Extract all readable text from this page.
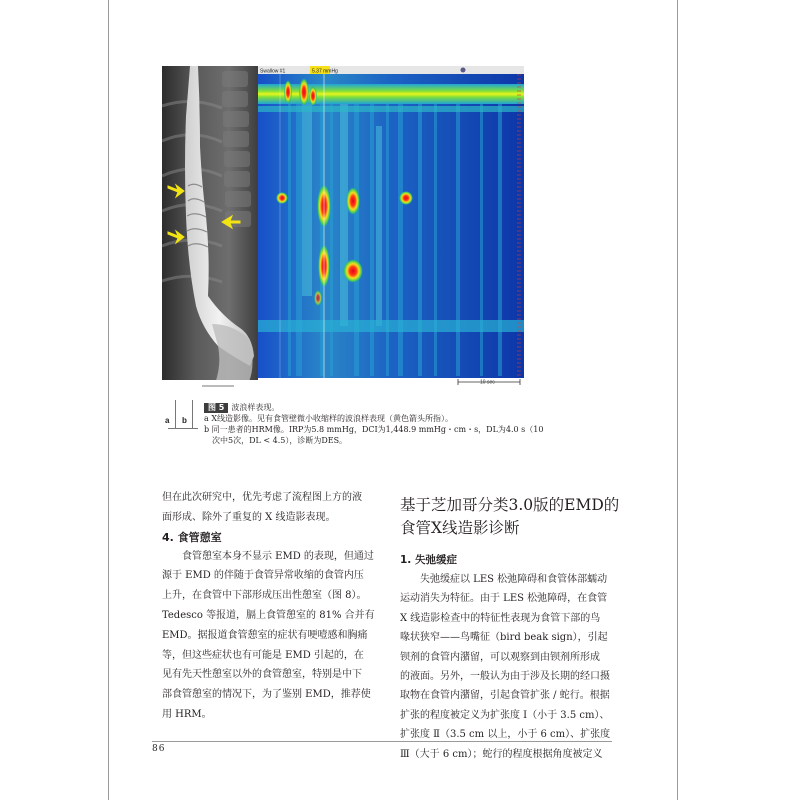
Swallow #1	5.37 mmHg
10 sec
a b
图 5 波浪样表现。
a X线造影像。见有食管壁微小收缩样的波浪样表现（黄色箭头所指）。
b 同一患者的HRM像。IRP为5.8 mmHg，DCI为1,448.9 mmHg・cm・s，DL为4.0 s（10
次中5次，DL < 4.5），诊断为DES。

但在此次研究中，优先考虑了流程图上方的液

面形成、除外了重复的 X 线造影表现。

4. 食管憩室

　　食管憩室本身不显示 EMD 的表现，但通过

源于 EMD 的伴随于食管异常收缩的食管内压

上升，在食管中下部形成压出性憩室（图 8）。

Tedesco 等报道，膈上食管憩室的 81% 合并有

EMD。据报道食管憩室的症状有哽噎感和胸痛

等，但这些症状也有可能是 EMD 引起的，在

见有先天性憩室以外的食管憩室，特别是中下

部食管憩室的情况下，为了鉴别 EMD，推荐使

用 HRM。

基于芝加哥分类3.0版的EMD的
食管X线造影诊断
1. 失弛缓症

　　失弛缓症以 LES 松弛障碍和食管体部蠕动

运动消失为特征。由于 LES 松弛障碍，在食管

X 线造影检查中的特征性表现为食管下部的鸟

喙状狭窄——鸟嘴征（bird beak sign），引起

钡剂的食管内潴留，可以观察到由钡剂所形成

的液面。另外，一般认为由于涉及长期的经口摄

取物在食管内潴留，引起食管扩张 / 蛇行。根据

扩张的程度被定义为扩张度 Ⅰ（小于 3.5 cm）、

扩张度 Ⅱ（3.5 cm 以上，小于 6 cm）、扩张度

Ⅲ（大于 6 cm）；蛇行的程度根据角度被定义

86
